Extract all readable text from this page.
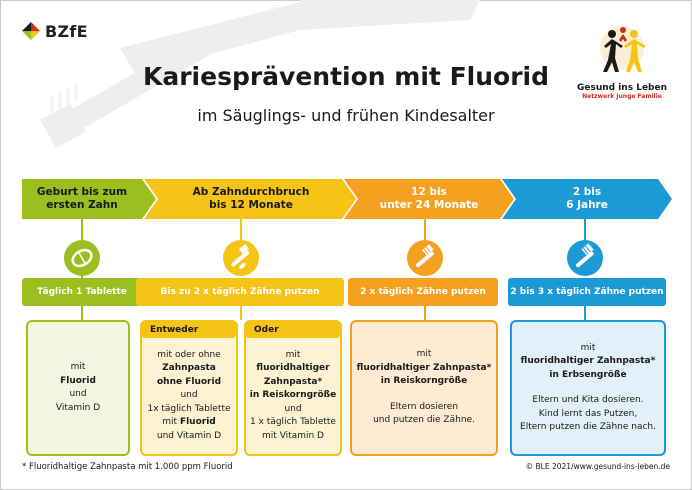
BZfE
Gesund ins Leben
Netzwerk Junge Familie
Kariesprävention mit Fluorid
im Säuglings- und frühen Kindesalter
Geburt bis zum
ersten Zahn
Ab Zahndurchbruch
bis 12 Monate
12 bis
unter 24 Monate
2 bis
6 Jahre
Täglich 1 Tablette	Bis zu 2 x täglich Zähne putzen	2 x täglich Zähne putzen	2 bis 3 x täglich Zähne putzen
mit
Fluorid
und
Vitamin D
mit oder ohne
Zahnpasta
ohne Fluorid
und
1x täglich Tablette
mit Fluorid
und Vitamin D
Entweder
mit
fluoridhaltiger
Zahnpasta*
in Reiskorngröße
und
1 x täglich Tablette
mit Vitamin D
Oder
mit
fluoridhaltiger Zahnpasta*
in Reiskorngröße
Eltern dosieren
und putzen die Zähne.
mit
fluoridhaltiger Zahnpasta*
in Erbsengröße
Eltern und Kita dosieren.
Kind lernt das Putzen,
Eltern putzen die Zähne nach.
* Fluoridhaltige Zahnpasta mit 1.000 ppm Fluorid	© BLE 2021/www.gesund-ins-leben.de
